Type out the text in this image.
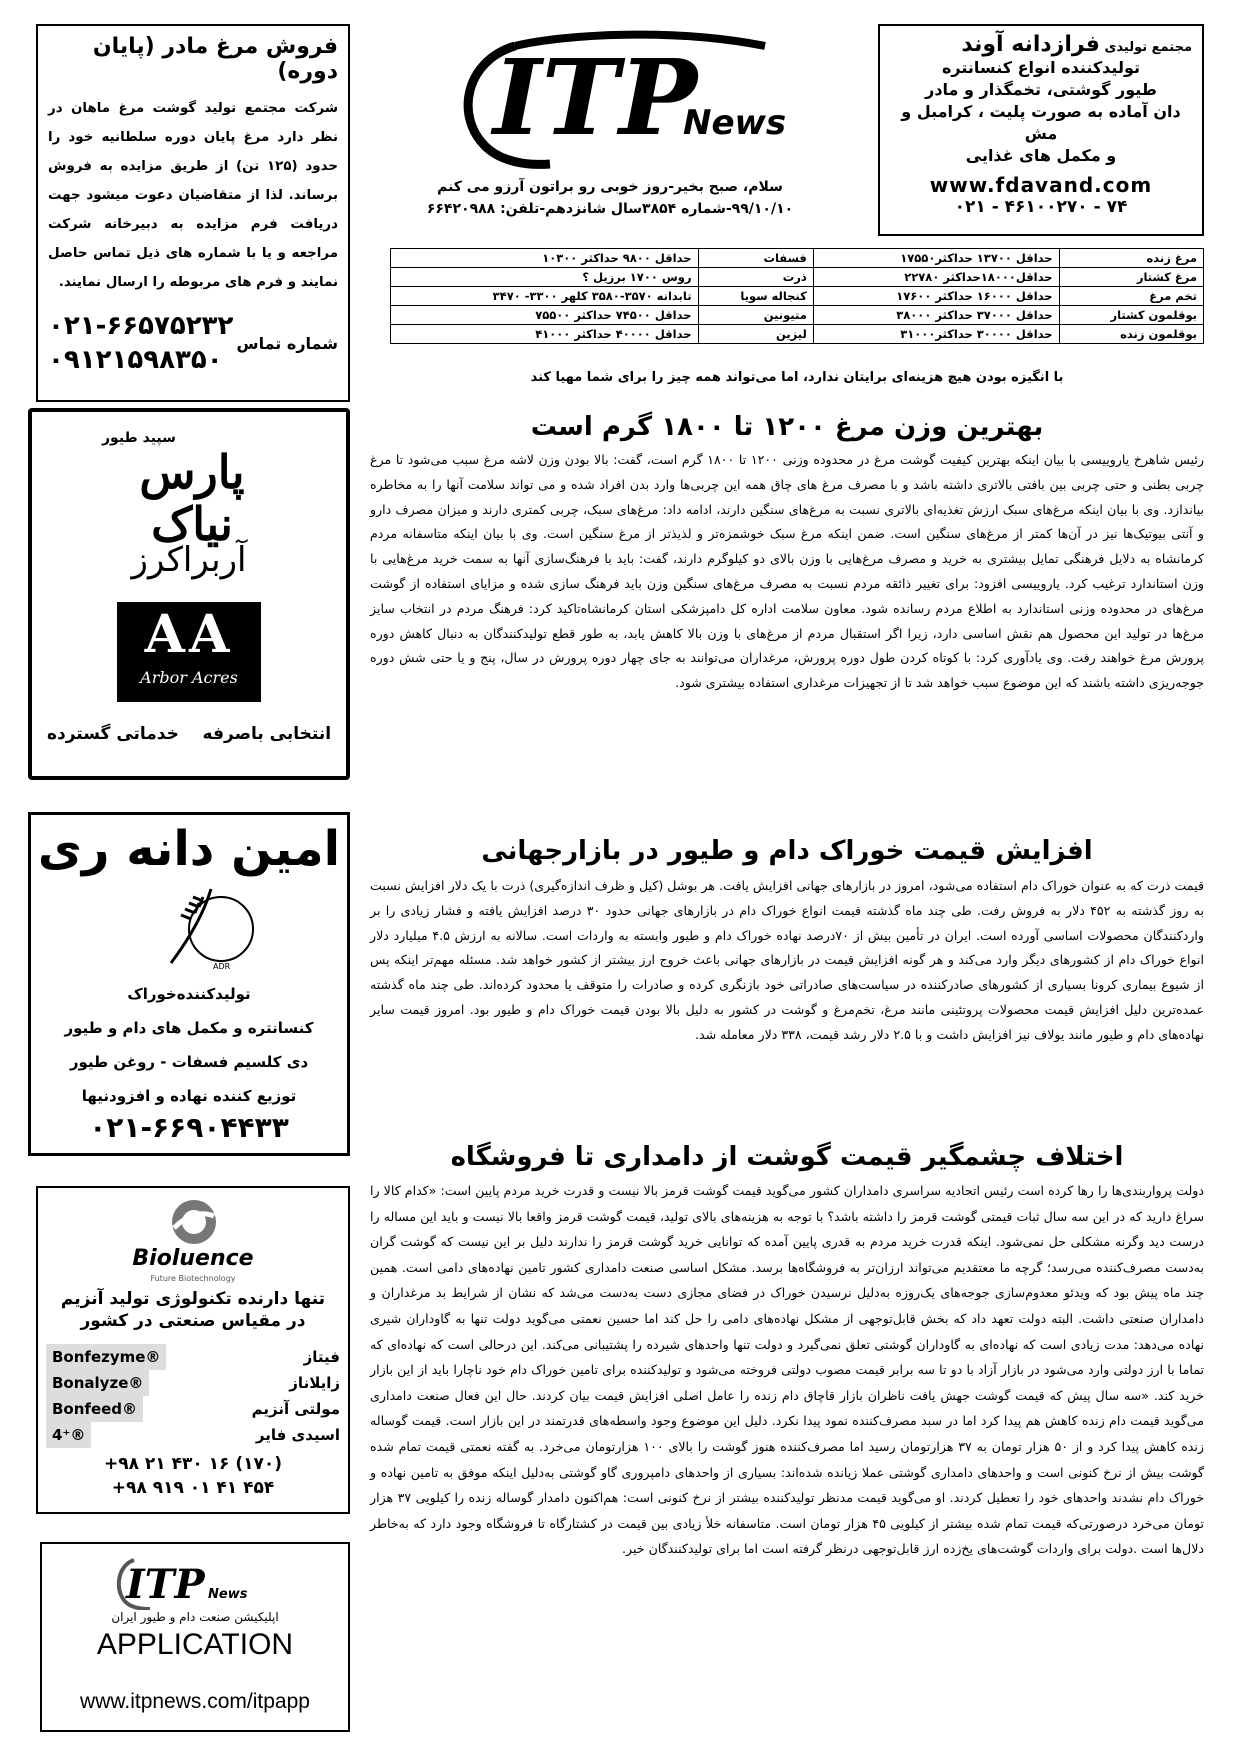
فروش مرغ مادر (پایان دوره)
شرکت مجتمع تولید گوشت مرغ ماهان در نظر دارد مرغ پایان دوره سلطانیه خود را حدود (۱۲۵ تن) از طریق مزایده به فروش برساند. لذا از متقاضیان دعوت میشود جهت دریافت فرم مزایده به دبیرخانه شرکت مراجعه و یا با شماره های ذیل تماس حاصل نمایند و فرم های مربوطه را ارسال نمایند.
شماره تماس
۰۲۱-۶۶۵۷۵۲۳۲
۰۹۱۲۱۵۹۸۳۵۰
ITP
News
سلام، صبح بخیر-روز خوبی رو براتون آرزو می کنم
۹۹/۱۰/۱۰-شماره ۳۸۵۴سال شانزدهم-تلفن: ۶۶۴۲۰۹۸۸
مجتمع تولیدی فرازدانه آوند
تولیدکننده انواع کنسانتره
طیور گوشتی، تخمگذار و مادر
دان آماده به صورت پلیت ، کرامبل و مش
و مکمل های غذایی
www.fdavand.com
۰۲۱ - ۴۶۱۰۰۲۷۰ - ۷۴
مرغ زنده	حداقل ۱۳۷۰۰ حداکثر۱۷۵۵۰	فسفات	حداقل ۹۸۰۰ حداکثر ۱۰۳۰۰
مرغ کشتار	حداقل۱۸۰۰۰حداکثر ۲۲۷۸۰	ذرت	روس ۱۷۰۰ برزیل ؟
تخم مرغ	حداقل ۱۶۰۰۰ حداکثر ۱۷۶۰۰	کنجاله سویا	تابدانه ۳۵۷۰-۳۵۸۰ کلهر ۳۳۰۰- ۳۴۷۰
بوقلمون کشتار	حداقل ۳۷۰۰۰ حداکثر ۳۸۰۰۰	متیونین	حداقل ۷۴۵۰۰ حداکثر ۷۵۵۰۰
بوقلمون زنده	حداقل ۳۰۰۰۰ حداکثر۳۱۰۰۰	لیزین	حداقل ۴۰۰۰۰ حداکثر ۴۱۰۰۰
با انگیزه بودن هیچ هزینه‌ای برایتان ندارد، اما می‌تواند همه چیز را برای شما مهیا کند
سپید طیور
پارس نیاک
آربراکرز
AA
Arbor Acres
انتخابی باصرفه    خدماتی گسترده
امین دانه ری
ADR
تولیدکننده‌خوراک
کنسانتره و مکمل های دام و طیور
دی کلسیم فسفات - روغن طیور
توزیع کننده نهاده و افزودنیها
۰۲۱-۶۶۹۰۴۴۳۳
Bioluence
Future Biotechnology
تنها دارنده تکنولوژی تولید آنزیم
در مقیاس صنعتی در کشور
Bonfezyme®	فیتاز
Bonalyze®	زایلاناز
Bonfeed®	مولتی آنزیم
4⁺®	اسیدی فایر
+۹۸ ۲۱ ۴۳۰ ۱۶ (۱۷۰)
+۹۸ ۹۱۹ ۰۱ ۴۱ ۴۵۴
ITP News
اپلیکیشن صنعت دام و طیور ایران
APPLICATION
www.itpnews.com/itpapp
بهترین وزن مرغ ۱۲۰۰ تا ۱۸۰۰ گرم است
رئیس شاهرخ یاروییسی با بیان اینکه بهترین کیفیت گوشت مرغ در محدوده وزنی ۱۲۰۰ تا ۱۸۰۰ گرم است، گفت: بالا بودن وزن لاشه مرغ سبب می‌شود تا مرغ چربی بطنی و حتی چربی بین بافتی بالاتری داشته باشد و با مصرف مرغ های چاق همه این چربی‌ها وارد بدن افراد شده و می تواند سلامت آنها را به مخاطره بیاندازد. وی با بیان اینکه مرغ‌های سبک ارزش تغذیه‌ای بالاتری نسبت به مرغ‌های سنگین دارند، ادامه داد: مرغ‌های سبک، چربی کمتری دارند و میزان مصرف دارو و آنتی بیوتیک‌ها نیز در آن‌ها کمتر از مرغ‌های سنگین است. ضمن اینکه مرغ سبک خوشمزه‌تر و لذیذتر از مرغ سنگین است. وی با بیان اینکه متاسفانه مردم کرمانشاه به دلایل فرهنگی تمایل بیشتری به خرید و مصرف مرغ‌هایی با وزن بالای دو کیلوگرم دارند، گفت: باید با فرهنگ‌سازی آنها به سمت خرید مرغ‌هایی با وزن استاندارد ترغیب کرد. یاروییسی افزود: برای تغییر ذائقه مردم نسبت به مصرف مرغ‌های سنگین وزن باید فرهنگ سازی شده و مزایای استفاده از گوشت مرغ‌های در محدوده وزنی استاندارد به اطلاع مردم رسانده شود. معاون سلامت اداره کل دامپزشکی استان کرمانشاه‌تاکید کرد: فرهنگ مردم در انتخاب سایز مرغ‌ها در تولید این محصول هم نقش اساسی دارد، زیرا اگر استقبال مردم از مرغ‌های با وزن بالا کاهش یابد، به طور قطع تولیدکنندگان به دنبال کاهش دوره پرورش مرغ خواهند رفت. وی یادآوری کرد: با کوتاه کردن طول دوره پرورش، مرغداران می‌توانند به جای چهار دوره پرورش در سال، پنج و یا حتی شش دوره جوجه‌ریزی داشته باشند که این موضوع سبب خواهد شد تا از تجهیزات مرغداری استفاده بیشتری شود.
افزایش قیمت خوراک دام و طیور در بازارجهانی
قیمت ذرت که به عنوان خوراک دام استفاده می‌شود، امروز در بازارهای جهانی افزایش یافت. هر بوشل (کیل و ظرف اندازه‌گیری) ذرت با یک دلار افزایش نسبت به روز گذشته به ۴۵۲ دلار به فروش رفت. طی چند ماه گذشته قیمت انواع خوراک دام در بازارهای جهانی حدود ۳۰ درصد افزایش یافته و فشار زیادی را بر واردکنندگان محصولات اساسی آورده است. ایران در تأمین بیش از ۷۰درصد نهاده خوراک دام و طیور وابسته به واردات است. سالانه به ارزش ۴.۵ میلیارد دلار انواع خوراک دام از کشورهای دیگر وارد می‌کند و هر گونه افزایش قیمت در بازارهای جهانی باعث خروج ارز بیشتر از کشور خواهد شد. مسئله مهم‌تر اینکه پس از شیوع بیماری کرونا بسیاری از کشورهای صادرکننده در سیاست‌های صادراتی خود بازنگری کرده و صادرات را متوقف یا محدود کرده‌اند. طی چند ماه گذشته عمده‌ترین دلیل افزایش قیمت محصولات پروتئینی مانند مرغ، تخم‌مرغ و گوشت در کشور به دلیل بالا بودن قیمت خوراک دام و طیور بود. امروز قیمت سایر نهاده‌های دام و طیور مانند یولاف نیز افزایش داشت و با ۲.۵ دلار رشد قیمت، ۳۳۸ دلار معامله شد.
اختلاف چشمگیر قیمت گوشت از دامداری تا فروشگاه
دولت پرواربندی‌ها را رها کرده است رئیس اتحادیه سراسری دامداران کشور می‌گوید قیمت گوشت قرمز بالا نیست و قدرت خرید مردم پایین است: «کدام کالا را سراغ دارید که در این سه سال ثبات قیمتی گوشت قرمز را داشته باشد؟ با توجه به هزینه‌های بالای تولید، قیمت گوشت قرمز واقعا بالا نیست و باید این مساله را درست دید وگرنه مشکلی حل نمی‌شود. اینکه قدرت خرید مردم به قدری پایین آمده که توانایی خرید گوشت قرمز را ندارند دلیل بر این نیست که گوشت گران به‌دست مصرف‌کننده می‌رسد؛ گرچه ما معتقدیم می‌تواند ارزان‌تر به فروشگاه‌ها برسد. مشکل اساسی صنعت دامداری کشور تامین نهاده‌های دامی است. همین چند ماه پیش بود که ویدئو معدوم‌سازی جوجه‌های یک‌روزه به‌دلیل نرسیدن خوراک در فضای مجازی دست به‌دست می‌شد که نشان از شرایط بد مرغداران و دامداران صنعتی داشت. البته دولت تعهد داد که بخش قابل‌توجهی از مشکل نهاده‌های دامی را حل کند اما حسین نعمتی می‌گوید دولت تنها به گاوداران شیری نهاده می‌دهد: مدت زیادی است که نهاده‌ای به گاوداران گوشتی تعلق نمی‌گیرد و دولت تنها واحدهای شیرده را پشتیبانی می‌کند. این درحالی است که نهاده‌ای که تماما با ارز دولتی وارد می‌شود در بازار آزاد با دو تا سه برابر قیمت مصوب دولتی فروخته می‌شود و تولیدکننده برای تامین خوراک دام خود ناچارا باید از این بازار خرید کند. «سه سال پیش که قیمت گوشت جهش یافت ناظران بازار قاچاق دام زنده را عامل اصلی افزایش قیمت بیان کردند. حال این فعال صنعت دامداری می‌گوید قیمت دام زنده کاهش هم پیدا کرد اما در سبد مصرف‌کننده نمود پیدا نکرد. دلیل این موضوع وجود واسطه‌های قدرتمند در این بازار است. قیمت گوساله زنده کاهش پیدا کرد و از ۵۰ هزار تومان به ۳۷ هزارتومان رسید اما مصرف‌کننده هنوز گوشت را بالای ۱۰۰ هزارتومان می‌خرد. به گفته نعمتی قیمت تمام شده گوشت بیش از نرخ کنونی است و واحدهای دامداری گوشتی عملا زیانده شده‌اند: بسیاری از واحدهای دامپروری گاو گوشتی به‌دلیل اینکه موفق به تامین نهاده و خوراک دام نشدند واحدهای خود را تعطیل کردند. او می‌گوید قیمت مدنظر تولیدکننده بیشتر از نرخ کنونی است: هم‌اکنون دامدار گوساله زنده را کیلویی ۳۷ هزار تومان می‌خرد درصورتی‌که قیمت تمام شده بیشتر از کیلویی ۴۵ هزار تومان است. متاسفانه خلأ زیادی بین قیمت در کشتارگاه تا فروشگاه وجود دارد که به‌خاطر دلال‌ها است .دولت برای واردات گوشت‌های یخ‌زده ارز قابل‌توجهی درنظر گرفته است اما برای تولیدکنندگان خیر.
